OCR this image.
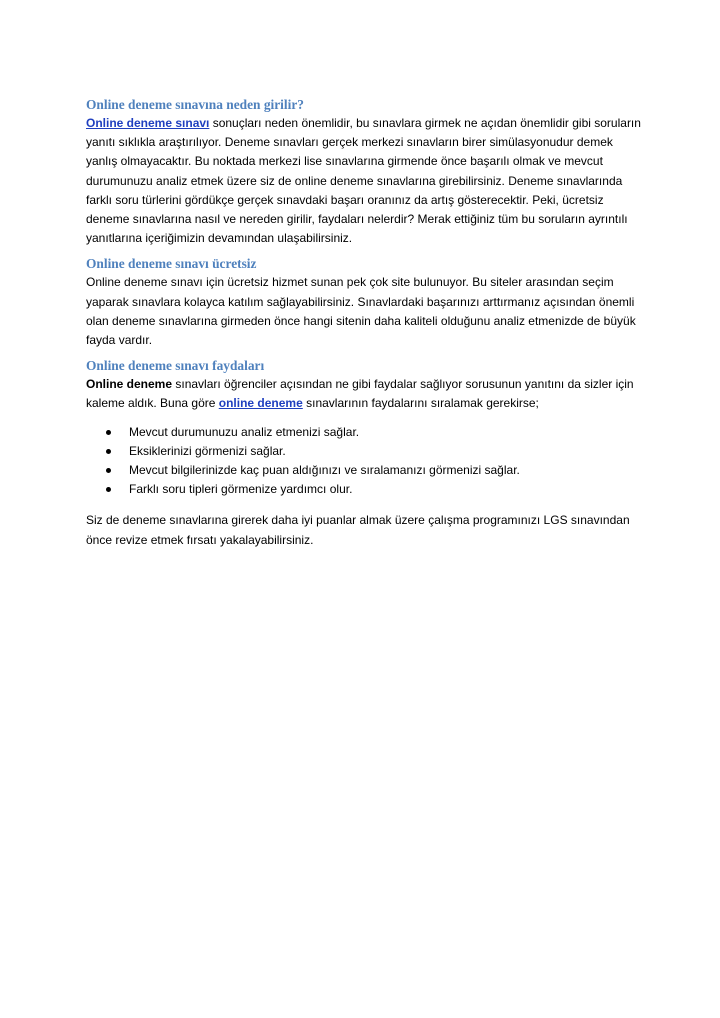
Online deneme sınavına neden girilir?

Online deneme sınavı sonuçları neden önemlidir, bu sınavlara girmek ne açıdan önemlidir gibi soruların yanıtı sıklıkla araştırılıyor. Deneme sınavları gerçek merkezi sınavların birer simülasyonudur demek yanlış olmayacaktır. Bu noktada merkezi lise sınavlarına girmende önce başarılı olmak ve mevcut durumunuzu analiz etmek üzere siz de online deneme sınavlarına girebilirsiniz. Deneme sınavlarında farklı soru türlerini gördükçe gerçek sınavdaki başarı oranınız da artış gösterecektir. Peki, ücretsiz deneme sınavlarına nasıl ve nereden girilir, faydaları nelerdir? Merak ettiğiniz tüm bu soruların ayrıntılı yanıtlarına içeriğimizin devamından ulaşabilirsiniz.

Online deneme sınavı ücretsiz

Online deneme sınavı için ücretsiz hizmet sunan pek çok site bulunuyor. Bu siteler arasından seçim yaparak sınavlara kolayca katılım sağlayabilirsiniz. Sınavlardaki başarınızı arttırmanız açısından önemli olan deneme sınavlarına girmeden önce hangi sitenin daha kaliteli olduğunu analiz etmenizde de büyük fayda vardır.

Online deneme sınavı faydaları

Online deneme sınavları öğrenciler açısından ne gibi faydalar sağlıyor sorusunun yanıtını da sizler için kaleme aldık. Buna göre online deneme sınavlarının faydalarını sıralamak gerekirse;

Mevcut durumunuzu analiz etmenizi sağlar.
Eksiklerinizi görmenizi sağlar.
Mevcut bilgilerinizde kaç puan aldığınızı ve sıralamanızı görmenizi sağlar.
Farklı soru tipleri görmenize yardımcı olur.

Siz de deneme sınavlarına girerek daha iyi puanlar almak üzere çalışma programınızı LGS sınavından önce revize etmek fırsatı yakalayabilirsiniz.
